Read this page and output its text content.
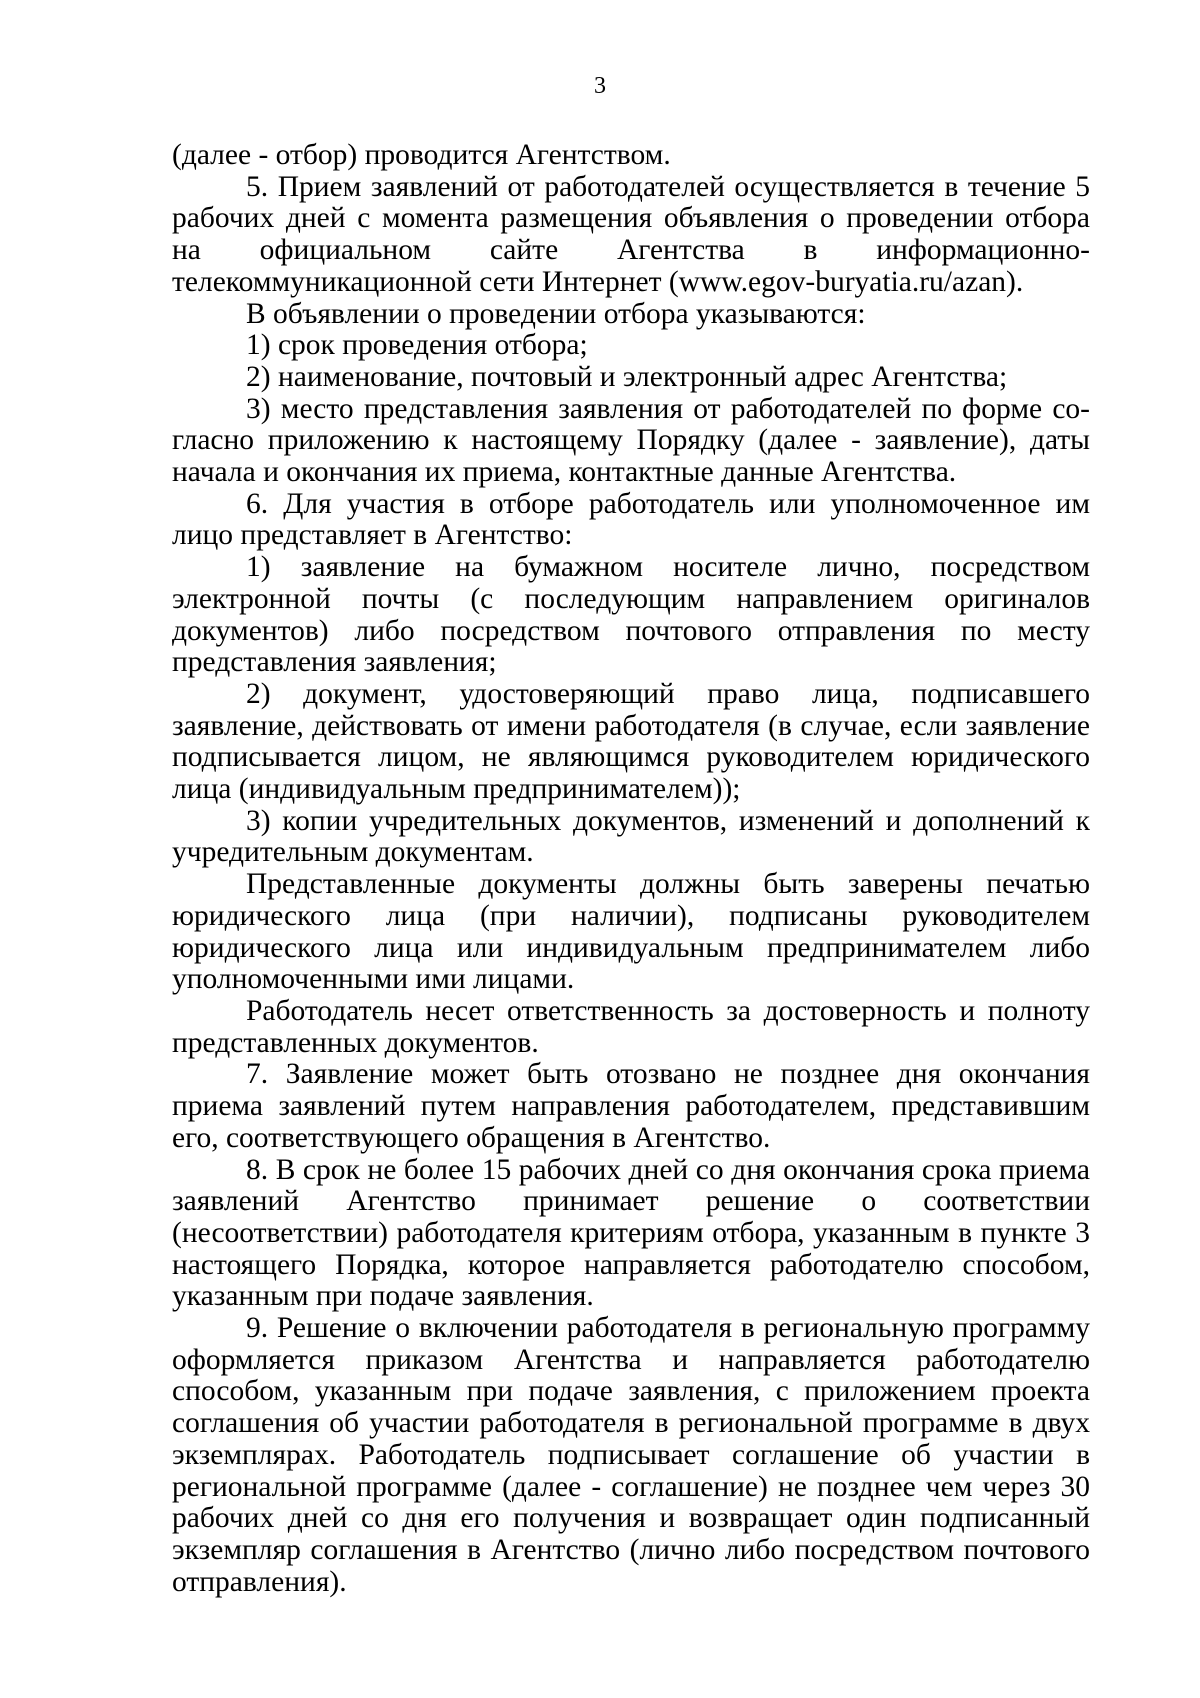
3

(далее - отбор) проводится Агентством.

5. Прием заявлений от работодателей осуществляется в течение 5 рабочих дней с момента размещения объявления о проведении отбора на официальном сайте Агентства в информационно-телекоммуникационной сети Интернет (www.egov-buryatia.ru/azan).

В объявлении о проведении отбора указываются:

1) срок проведения отбора;

2) наименование, почтовый и электронный адрес Агентства;

3) место представления заявления от работодателей по форме согласно приложению к настоящему Порядку (далее - заявление), даты начала и окончания их приема, контактные данные Агентства.

6. Для участия в отборе работодатель или уполномоченное им лицо представляет в Агентство:

1) заявление на бумажном носителе лично, посредством электронной почты (с последующим направлением оригиналов документов) либо посредством почтового отправления по месту представления заявления;

2) документ, удостоверяющий право лица, подписавшего заявление, действовать от имени работодателя (в случае, если заявление подписывается лицом, не являющимся руководителем юридического лица (индивидуальным предпринимателем));

3) копии учредительных документов, изменений и дополнений к учредительным документам.

Представленные документы должны быть заверены печатью юридического лица (при наличии), подписаны руководителем юридического лица или индивидуальным предпринимателем либо уполномоченными ими лицами.

Работодатель несет ответственность за достоверность и полноту представленных документов.

7. Заявление может быть отозвано не позднее дня окончания приема заявлений путем направления работодателем, представившим его, соответствующего обращения в Агентство.

8. В срок не более 15 рабочих дней со дня окончания срока приема заявлений Агентство принимает решение о соответствии (несоответствии) работодателя критериям отбора, указанным в пункте 3 настоящего Порядка, которое направляется работодателю способом, указанным при подаче заявления.

9. Решение о включении работодателя в региональную программу оформляется приказом Агентства и направляется работодателю способом, указанным при подаче заявления, с приложением проекта соглашения об участии работодателя в региональной программе в двух экземплярах. Работодатель подписывает соглашение об участии в региональной программе (далее - соглашение) не позднее чем через 30 рабочих дней со дня его получения и возвращает один подписанный экземпляр соглашения в Агентство (лично либо посредством почтового отправления).
